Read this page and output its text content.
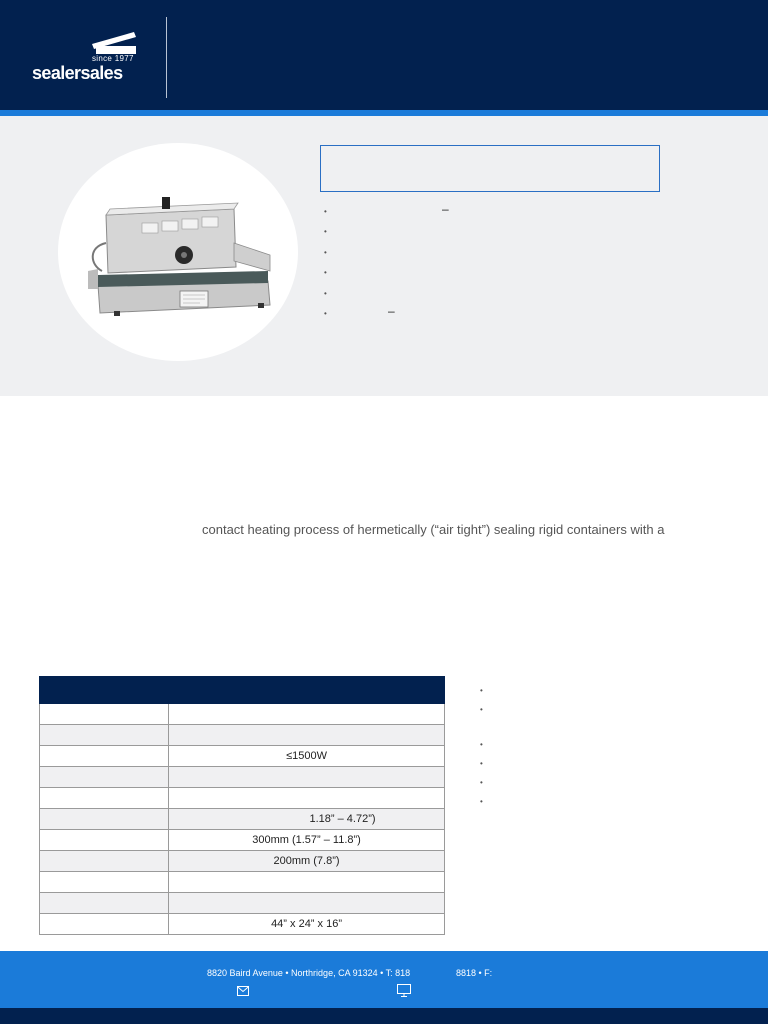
since 1977
sealersales
•	–
•
•
•
•
•	–
contact heating process of hermetically (“air tight”) sealing rigid containers with a

	≤1500W

	1.18” – 4.72”)
	300mm (1.57” – 11.8”)
	200mm (7.8”)

	44” x 24” x 16”
•
•
•
•
•
•
8820 Baird Avenue • Northridge, CA 91324 • T: 818	8818 • F:
